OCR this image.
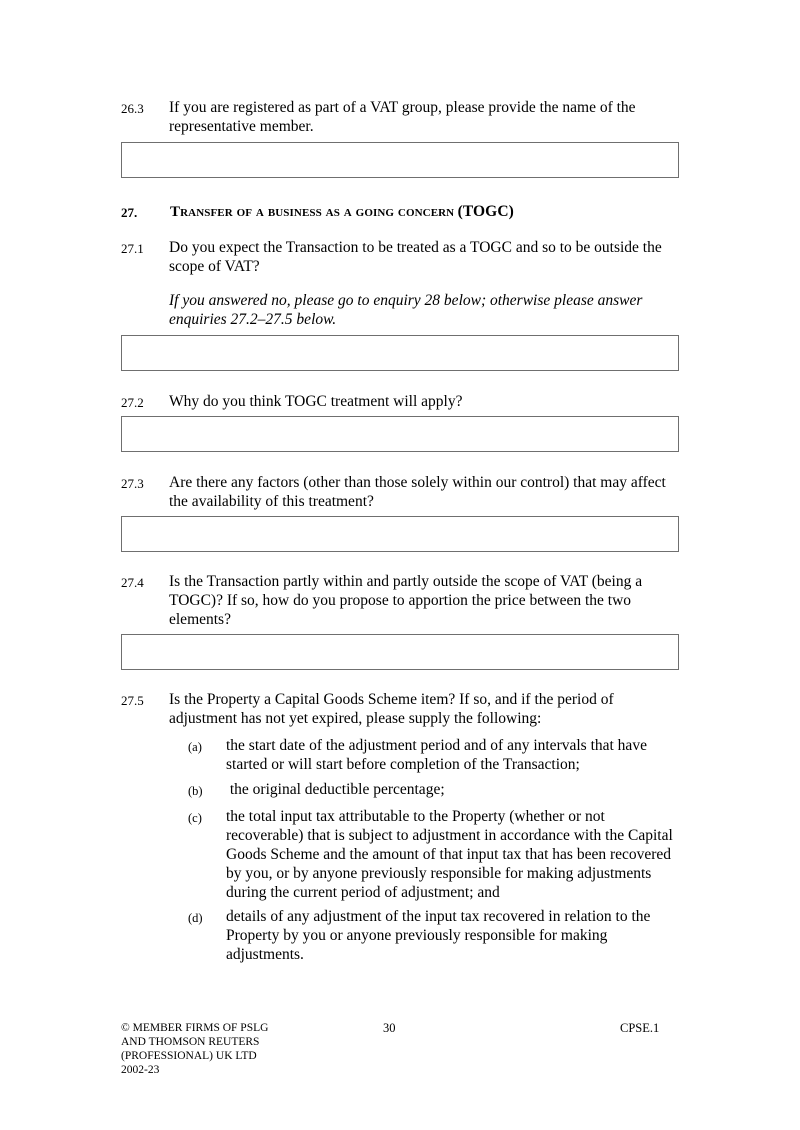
26.3 If you are registered as part of a VAT group, please provide the name of the representative member.
27. Transfer of a business as a going concern (TOGC)
27.1 Do you expect the Transaction to be treated as a TOGC and so to be outside the scope of VAT?
If you answered no, please go to enquiry 28 below; otherwise please answer enquiries 27.2–27.5 below.
27.2 Why do you think TOGC treatment will apply?
27.3 Are there any factors (other than those solely within our control) that may affect the availability of this treatment?
27.4 Is the Transaction partly within and partly outside the scope of VAT (being a TOGC)? If so, how do you propose to apportion the price between the two elements?
27.5 Is the Property a Capital Goods Scheme item? If so, and if the period of adjustment has not yet expired, please supply the following:
(a) the start date of the adjustment period and of any intervals that have started or will start before completion of the Transaction;
(b) the original deductible percentage;
(c) the total input tax attributable to the Property (whether or not recoverable) that is subject to adjustment in accordance with the Capital Goods Scheme and the amount of that input tax that has been recovered by you, or by anyone previously responsible for making adjustments during the current period of adjustment; and
(d) details of any adjustment of the input tax recovered in relation to the Property by you or anyone previously responsible for making adjustments.
© MEMBER FIRMS OF PSLG
AND THOMSON REUTERS
(PROFESSIONAL) UK LTD
2002-23
30	CPSE.1
